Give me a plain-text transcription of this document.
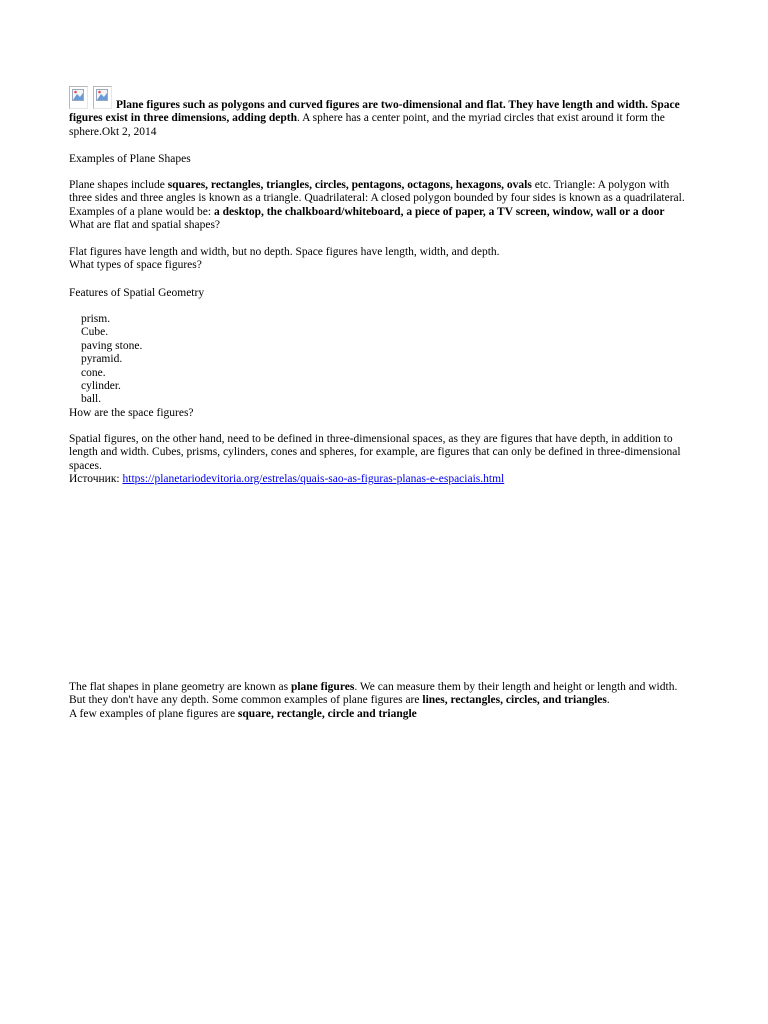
Plane figures such as polygons and curved figures are two-dimensional and flat. They have length and width. Space figures exist in three dimensions, adding depth. A sphere has a center point, and the myriad circles that exist around it form the sphere.Okt 2, 2014

Examples of Plane Shapes

Plane shapes include squares, rectangles, triangles, circles, pentagons, octagons, hexagons, ovals etc. Triangle: A polygon with three sides and three angles is known as a triangle. Quadrilateral: A closed polygon bounded by four sides is known as a quadrilateral.
Examples of a plane would be: a desktop, the chalkboard/whiteboard, a piece of paper, a TV screen, window, wall or a door
What are flat and spatial shapes?

Flat figures have length and width, but no depth. Space figures have length, width, and depth.
What types of space figures?

Features of Spatial Geometry

prism.
Cube.
paving stone.
pyramid.
cone.
cylinder.
ball.

How are the space figures?

Spatial figures, on the other hand, need to be defined in three-dimensional spaces, as they are figures that have depth, in addition to length and width. Cubes, prisms, cylinders, cones and spheres, for example, are figures that can only be defined in three-dimensional spaces.
Источник: https://planetariodevitoria.org/estrelas/quais-sao-as-figuras-planas-e-espaciais.html

The flat shapes in plane geometry are known as plane figures. We can measure them by their length and height or length and width. But they don't have any depth. Some common examples of plane figures are lines, rectangles, circles, and triangles.
A few examples of plane figures are square, rectangle, circle and triangle
